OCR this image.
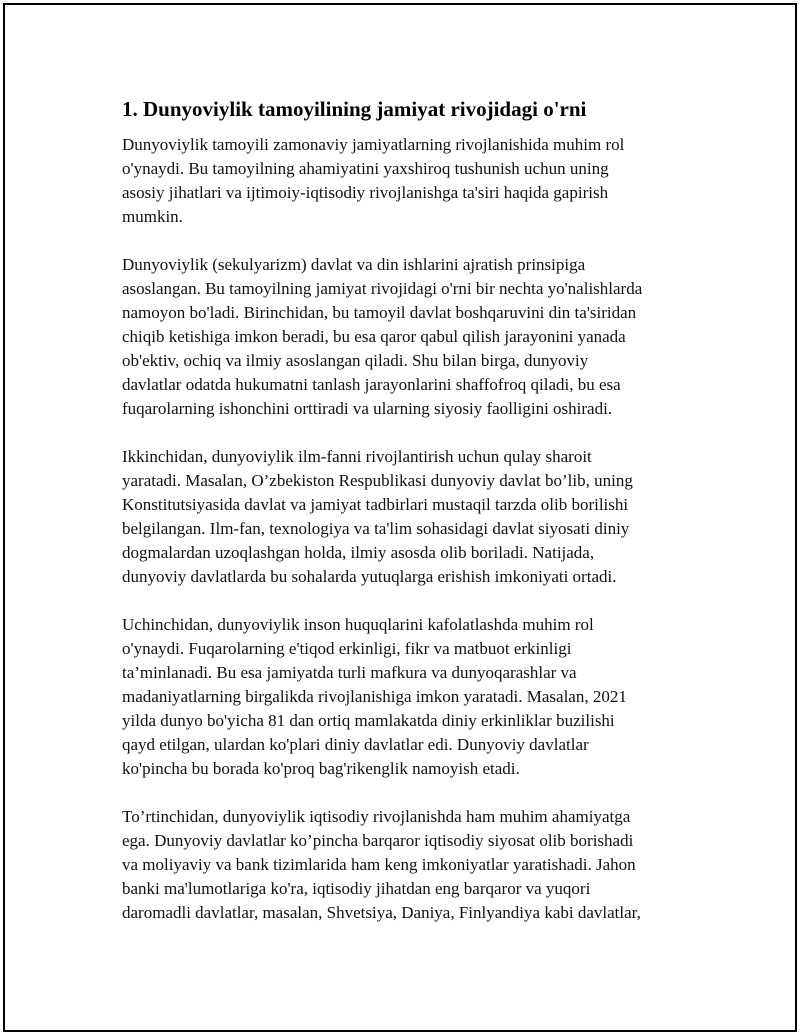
1. Dunyoviylik tamoyilining jamiyat rivojidagi o'rni

Dunyoviylik tamoyili zamonaviy jamiyatlarning rivojlanishida muhim rol
o'ynaydi. Bu tamoyilning ahamiyatini yaxshiroq tushunish uchun uning
asosiy jihatlari va ijtimoiy-iqtisodiy rivojlanishga ta'siri haqida gapirish
mumkin.

Dunyoviylik (sekulyarizm) davlat va din ishlarini ajratish prinsipiga
asoslangan. Bu tamoyilning jamiyat rivojidagi o'rni bir nechta yo'nalishlarda
namoyon bo'ladi. Birinchidan, bu tamoyil davlat boshqaruvini din ta'siridan
chiqib ketishiga imkon beradi, bu esa qaror qabul qilish jarayonini yanada
ob'ektiv, ochiq va ilmiy asoslangan qiladi. Shu bilan birga, dunyoviy
davlatlar odatda hukumatni tanlash jarayonlarini shaffofroq qiladi, bu esa
fuqarolarning ishonchini orttiradi va ularning siyosiy faolligini oshiradi.

Ikkinchidan, dunyoviylik ilm-fanni rivojlantirish uchun qulay sharoit
yaratadi. Masalan, O’zbekiston Respublikasi dunyoviy davlat bo’lib, uning
Konstitutsiyasida davlat va jamiyat tadbirlari mustaqil tarzda olib borilishi
belgilangan. Ilm-fan, texnologiya va ta'lim sohasidagi davlat siyosati diniy
dogmalardan uzoqlashgan holda, ilmiy asosda olib boriladi. Natijada,
dunyoviy davlatlarda bu sohalarda yutuqlarga erishish imkoniyati ortadi.

Uchinchidan, dunyoviylik inson huquqlarini kafolatlashda muhim rol
o'ynaydi. Fuqarolarning e'tiqod erkinligi, fikr va matbuot erkinligi
ta’minlanadi. Bu esa jamiyatda turli mafkura va dunyoqarashlar va
madaniyatlarning birgalikda rivojlanishiga imkon yaratadi. Masalan, 2021
yilda dunyo bo'yicha 81 dan ortiq mamlakatda diniy erkinliklar buzilishi
qayd etilgan, ulardan ko'plari diniy davlatlar edi. Dunyoviy davlatlar
ko'pincha bu borada ko'proq bag'rikenglik namoyish etadi.

To’rtinchidan, dunyoviylik iqtisodiy rivojlanishda ham muhim ahamiyatga
ega. Dunyoviy davlatlar ko’pincha barqaror iqtisodiy siyosat olib borishadi
va moliyaviy va bank tizimlarida ham keng imkoniyatlar yaratishadi. Jahon
banki ma'lumotlariga ko'ra, iqtisodiy jihatdan eng barqaror va yuqori
daromadli davlatlar, masalan, Shvetsiya, Daniya, Finlyandiya kabi davlatlar,
